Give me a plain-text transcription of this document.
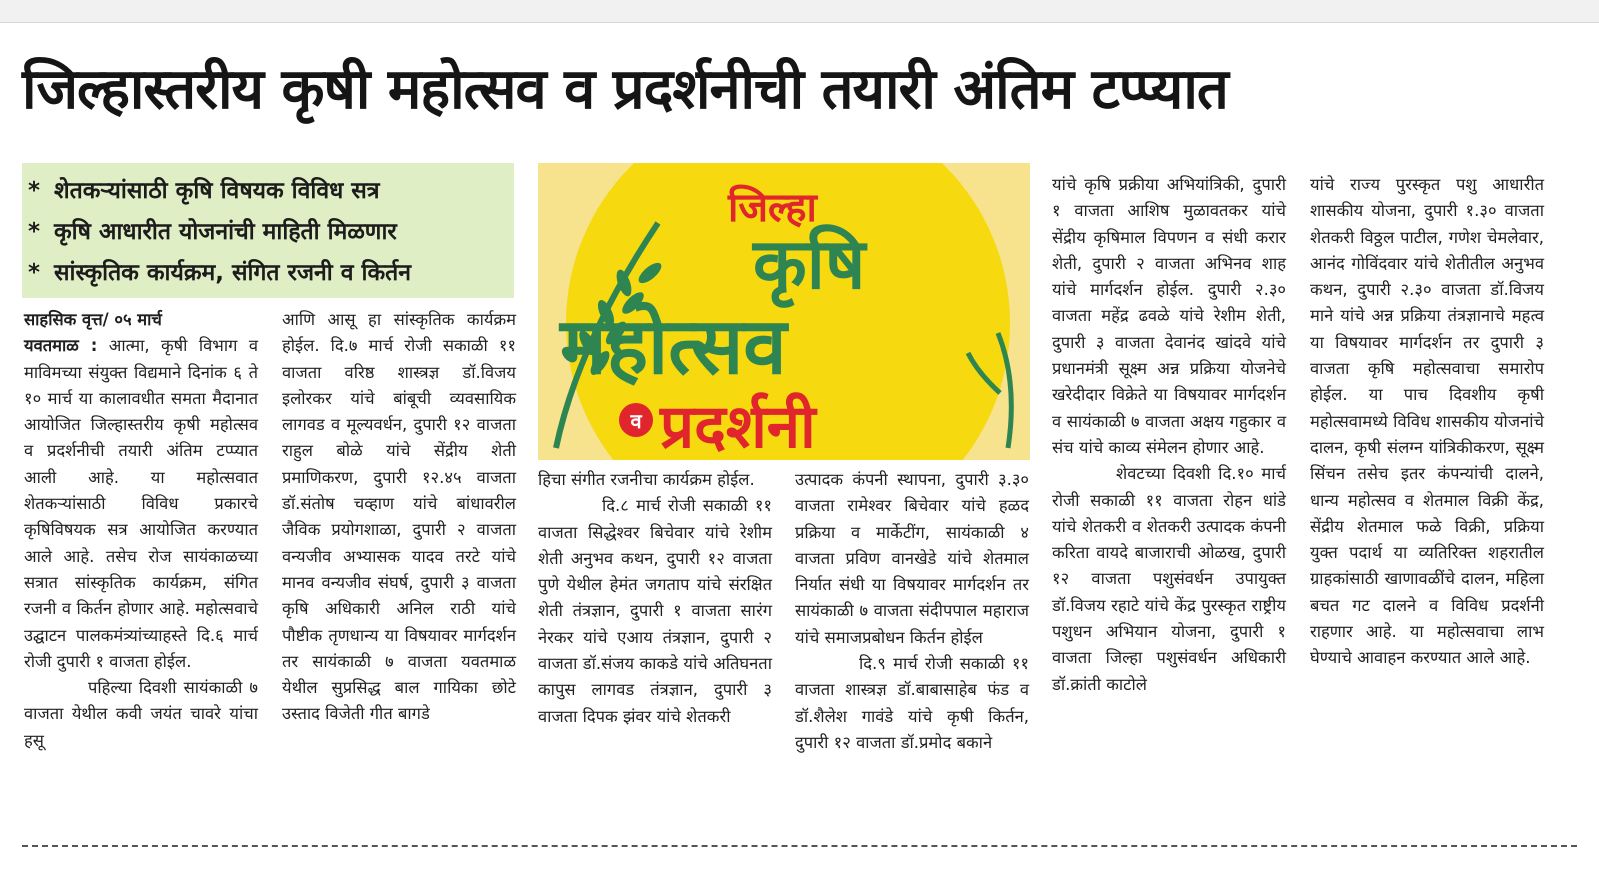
जिल्हास्तरीय कृषी महोत्सव व प्रदर्शनीची तयारी अंतिम टप्प्यात
* शेतकऱ्यांसाठी कृषि विषयक विविध सत्र
* कृषि आधारीत योजनांची माहिती मिळणार
* सांस्कृतिक कार्यक्रम, संगित रजनी व किर्तन
जिल्हा
कृषि
महोत्सव
व प्रदर्शनी

साहसिक वृत्त/ ०५ मार्च

यवतमाळ : आत्मा, कृषी विभाग व माविमच्या संयुक्त विद्यमाने दिनांक ६ ते १० मार्च या कालावधीत समता मैदानात आयोजित जिल्हास्तरीय कृषी महोत्सव व प्रदर्शनीची तयारी अंतिम टप्प्यात आली आहे. या महोत्सवात शेतकऱ्यांसाठी विविध प्रकारचे कृषिविषयक सत्र आयोजित करण्यात आले आहे. तसेच रोज सायंकाळच्या सत्रात सांस्कृतिक कार्यक्रम, संगित रजनी व किर्तन होणार आहे. महोत्सवाचे उद्घाटन पालकमंत्र्यांच्याहस्ते दि.६ मार्च रोजी दुपारी १ वाजता होईल.

पहिल्या दिवशी सायंकाळी ७ वाजता येथील कवी जयंत चावरे यांचा हसू

आणि आसू हा सांस्कृतिक कार्यक्रम होईल. दि.७ मार्च रोजी सकाळी ११ वाजता वरिष्ठ शास्त्रज्ञ डॉ.विजय इलोरकर यांचे बांबूची व्यवसायिक लागवड व मूल्यवर्धन, दुपारी १२ वाजता राहुल बोळे यांचे सेंद्रीय शेती प्रमाणिकरण, दुपारी १२.४५ वाजता डॉ.संतोष चव्हाण यांचे बांधावरील जैविक प्रयोगशाळा, दुपारी २ वाजता वन्यजीव अभ्यासक यादव तरटे यांचे मानव वन्यजीव संघर्ष, दुपारी ३ वाजता कृषि अधिकारी अनिल राठी यांचे पौष्टीक तृणधान्य या विषयावर मार्गदर्शन तर सायंकाळी ७ वाजता यवतमाळ येथील सुप्रसिद्ध बाल गायिका छोटे उस्ताद विजेती गीत बागडे

हिचा संगीत रजनीचा कार्यक्रम होईल.

दि.८ मार्च रोजी सकाळी ११ वाजता सिद्धेश्वर बिचेवार यांचे रेशीम शेती अनुभव कथन, दुपारी १२ वाजता पुणे येथील हेमंत जगताप यांचे संरक्षित शेती तंत्रज्ञान, दुपारी १ वाजता सारंग नेरकर यांचे एआय तंत्रज्ञान, दुपारी २ वाजता डॉ.संजय काकडे यांचे अतिघनता कापुस लागवड तंत्रज्ञान, दुपारी ३ वाजता दिपक झंवर यांचे शेतकरी

उत्पादक कंपनी स्थापना, दुपारी ३.३० वाजता रामेश्वर बिचेवार यांचे हळद प्रक्रिया व मार्केटींग, सायंकाळी ४ वाजता प्रविण वानखेडे यांचे शेतमाल निर्यात संधी या विषयावर मार्गदर्शन तर सायंकाळी ७ वाजता संदीपपाल महाराज यांचे समाजप्रबोधन किर्तन होईल

दि.९ मार्च रोजी सकाळी ११ वाजता शास्त्रज्ञ डॉ.बाबासाहेब फंड व डॉ.शैलेश गावंडे यांचे कृषी किर्तन, दुपारी १२ वाजता डॉ.प्रमोद बकाने

यांचे कृषि प्रक्रीया अभियांत्रिकी, दुपारी १ वाजता आशिष मुळावतकर यांचे सेंद्रीय कृषिमाल विपणन व संधी करार शेती, दुपारी २ वाजता अभिनव शाह यांचे मार्गदर्शन होईल. दुपारी २.३० वाजता महेंद्र ढवळे यांचे रेशीम शेती, दुपारी ३ वाजता देवानंद खांदवे यांचे प्रधानमंत्री सूक्ष्म अन्न प्रक्रिया योजनेचे खरेदीदार विक्रेते या विषयावर मार्गदर्शन व सायंकाळी ७ वाजता अक्षय गहुकार व संच यांचे काव्य संमेलन होणार आहे.

शेवटच्या दिवशी दि.१० मार्च रोजी सकाळी ११ वाजता रोहन धांडे यांचे शेतकरी व शेतकरी उत्पादक कंपनी करिता वायदे बाजाराची ओळख, दुपारी १२ वाजता पशुसंवर्धन उपायुक्त डॉ.विजय रहाटे यांचे केंद्र पुरस्कृत राष्ट्रीय पशुधन अभियान योजना, दुपारी १ वाजता जिल्हा पशुसंवर्धन अधिकारी डॉ.क्रांती काटोले

यांचे राज्य पुरस्कृत पशु आधारीत शासकीय योजना, दुपारी १.३० वाजता शेतकरी विठ्ठल पाटील, गणेश चेमलेवार, आनंद गोविंदवार यांचे शेतीतील अनुभव कथन, दुपारी २.३० वाजता डॉ.विजय माने यांचे अन्न प्रक्रिया तंत्रज्ञानाचे महत्व या विषयावर मार्गदर्शन तर दुपारी ३ वाजता कृषि महोत्सवाचा समारोप होईल. या पाच दिवशीय कृषी महोत्सवामध्ये विविध शासकीय योजनांचे दालन, कृषी संलग्न यांत्रिकीकरण, सूक्ष्म सिंचन तसेच इतर कंपन्यांची दालने, धान्य महोत्सव व शेतमाल विक्री केंद्र, सेंद्रीय शेतमाल फळे विक्री, प्रक्रिया युक्त पदार्थ या व्यतिरिक्त शहरातील ग्राहकांसाठी खाणावळींचे दालन, महिला बचत गट दालने व विविध प्रदर्शनी राहणार आहे. या महोत्सवाचा लाभ घेण्याचे आवाहन करण्यात आले आहे.
